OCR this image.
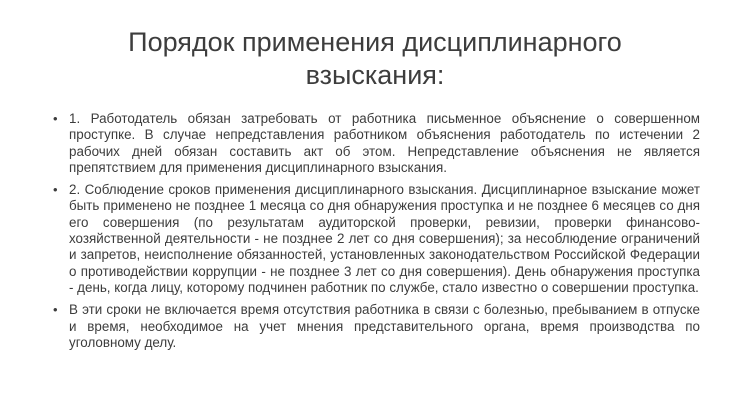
Порядок применения дисциплинарного взыскания:
• 1. Работодатель обязан затребовать от работника письменное объяснение о совершенном проступке. В случае непредставления работником объяснения работодатель по истечении 2 рабочих дней обязан составить акт об этом. Непредставление объяснения не является препятствием для применения дисциплинарного взыскания.
• 2. Соблюдение сроков применения дисциплинарного взыскания. Дисциплинарное взыскание может быть применено не позднее 1 месяца со дня обнаружения проступка и не позднее 6 месяцев со дня его совершения (по результатам аудиторской проверки, ревизии, проверки финансово-хозяйственной деятельности - не позднее 2 лет со дня совершения); за несоблюдение ограничений и запретов, неисполнение обязанностей, установленных законодательством Российской Федерации о противодействии коррупции - не позднее 3 лет со дня совершения). День обнаружения проступка - день, когда лицу, которому подчинен работник по службе, стало известно о совершении проступка.
• В эти сроки не включается время отсутствия работника в связи с болезнью, пребыванием в отпуске и время, необходимое на учет мнения представительного органа, время производства по уголовному делу.
